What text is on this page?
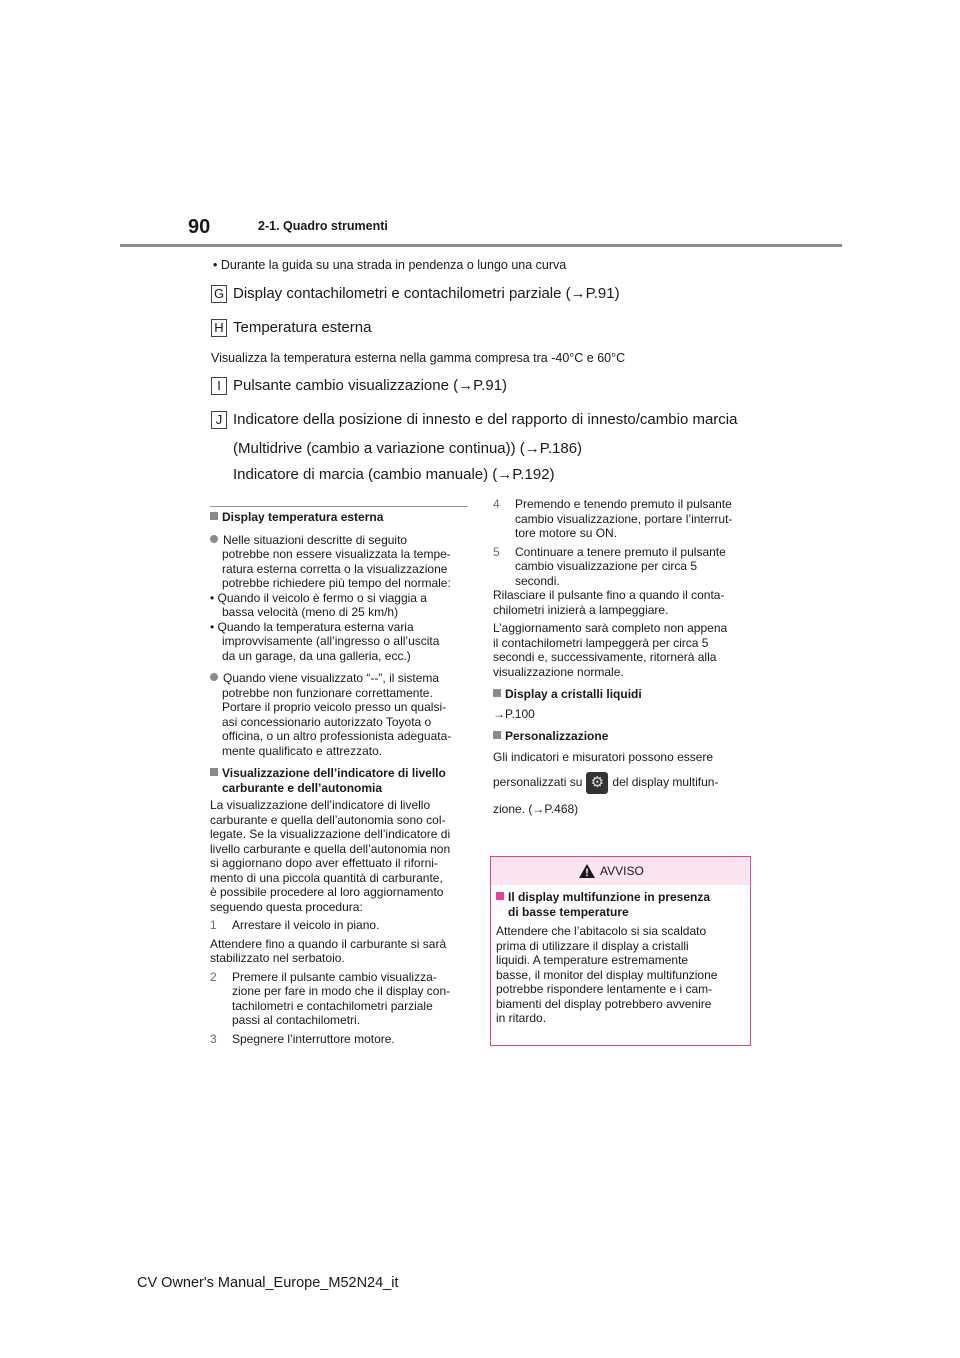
90	2-1. Quadro strumenti
• Durante la guida su una strada in pendenza o lungo una curva
G Display contachilometri e contachilometri parziale (→P.91)
H Temperatura esterna
Visualizza la temperatura esterna nella gamma compresa tra -40°C e 60°C
I Pulsante cambio visualizzazione (→P.91)
J Indicatore della posizione di innesto e del rapporto di innesto/cambio marcia
(Multidrive (cambio a variazione continua)) (→P.186)
Indicatore di marcia (cambio manuale) (→P.192)

Display temperatura esterna

Nelle situazioni descritte di seguito

potrebbe non essere visualizzata la tempe-

ratura esterna corretta o la visualizzazione

potrebbe richiedere più tempo del normale:

• Quando il veicolo è fermo o si viaggia a

bassa velocità (meno di 25 km/h)

• Quando la temperatura esterna varia

improvvisamente (all’ingresso o all’uscita

da un garage, da una galleria, ecc.)

Quando viene visualizzato “--”, il sistema

potrebbe non funzionare correttamente.

Portare il proprio veicolo presso un qualsi-

asi concessionario autorizzato Toyota o

officina, o un altro professionista adeguata-

mente qualificato e attrezzato.

Visualizzazione dell’indicatore di livello

carburante e dell’autonomia

La visualizzazione dell’indicatore di livello

carburante e quella dell’autonomia sono col-

legate. Se la visualizzazione dell’indicatore di

livello carburante e quella dell’autonomia non

si aggiornano dopo aver effettuato il riforni-

mento di una piccola quantità di carburante,

è possibile procedere al loro aggiornamento

seguendo questa procedura:

1 Arrestare il veicolo in piano.

Attendere fino a quando il carburante si sarà

stabilizzato nel serbatoio.

2 Premere il pulsante cambio visualizza-

zione per fare in modo che il display con-

tachilometri e contachilometri parziale

passi al contachilometri.

3 Spegnere l’interruttore motore.

4 Premendo e tenendo premuto il pulsante

cambio visualizzazione, portare l’interrut-

tore motore su ON.

5 Continuare a tenere premuto il pulsante

cambio visualizzazione per circa 5

secondi.

Rilasciare il pulsante fino a quando il conta-

chilometri inizierà a lampeggiare.

L’aggiornamento sarà completo non appena

il contachilometri lampeggerà per circa 5

secondi e, successivamente, ritornerà alla

visualizzazione normale.

Display a cristalli liquidi

→P.100

Personalizzazione

Gli indicatori e misuratori possono essere

personalizzati su ⚙ del display multifun-

zione. (→P.468)

AVVISO

Il display multifunzione in presenza

di basse temperature

Attendere che l’abitacolo si sia scaldato

prima di utilizzare il display a cristalli

liquidi. A temperature estremamente

basse, il monitor del display multifunzione

potrebbe rispondere lentamente e i cam-

biamenti del display potrebbero avvenire

in ritardo.

CV Owner's Manual_Europe_M52N24_it
